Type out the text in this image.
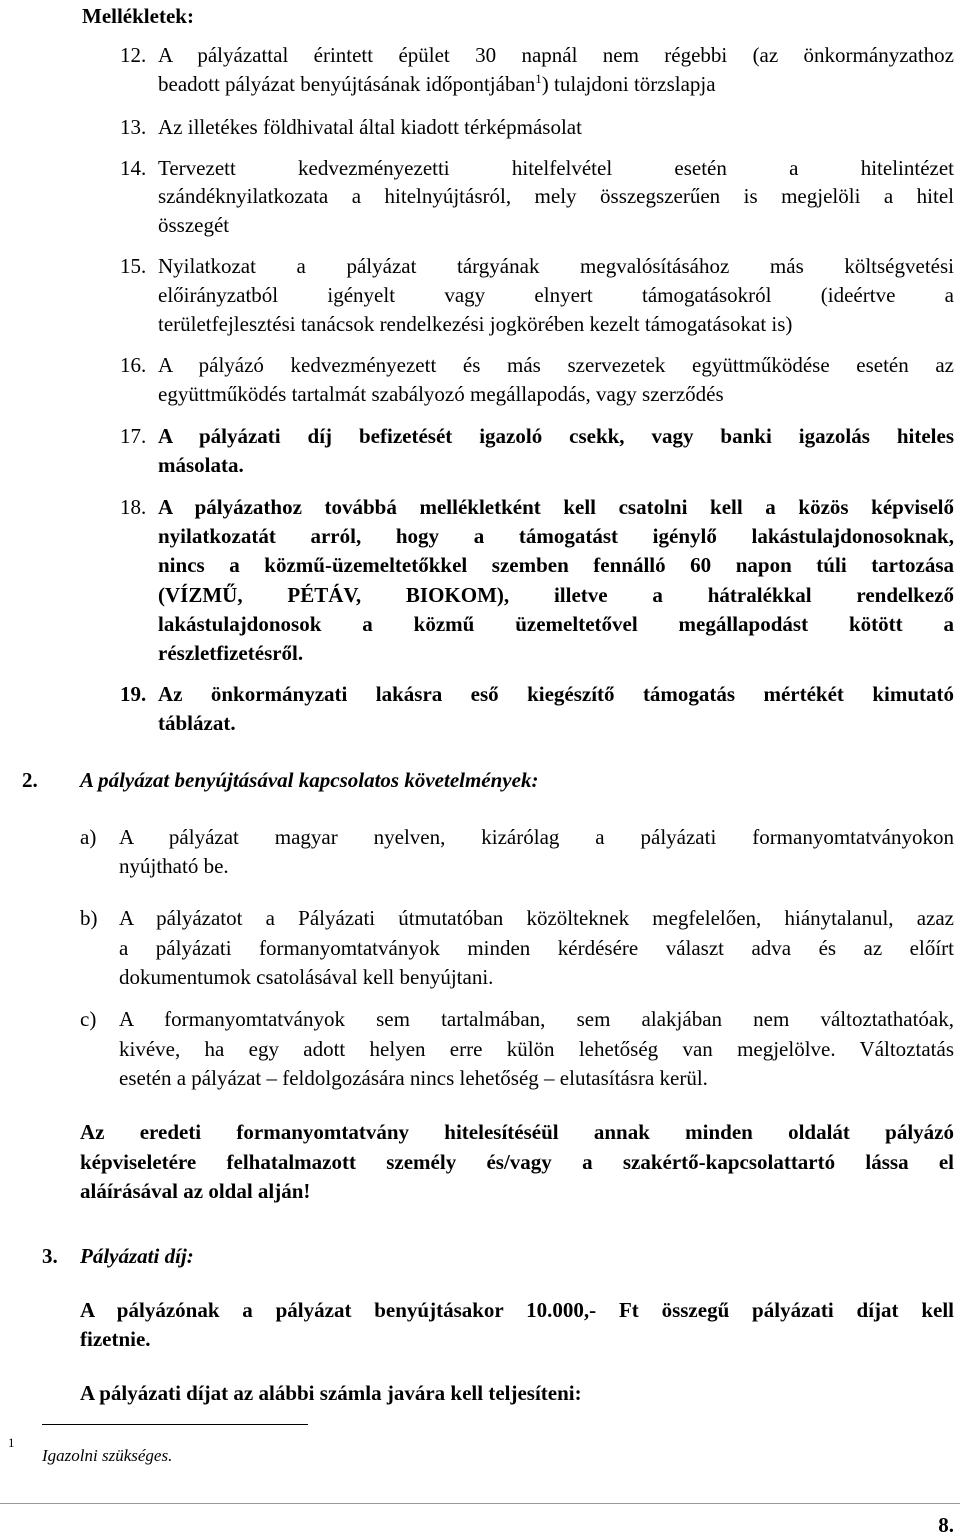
Mellékletek:
12. A pályázattal érintett épület 30 napnál nem régebbi (az önkormányzathoz
beadott pályázat benyújtásának időpontjában$^1$) tulajdoni törzslapja
13. Az illetékes földhivatal által kiadott térképmásolat
14. Tervezett kedvezményezetti hitelfelvétel esetén a hitelintézet
szándéknyilatkozata a hitelnyújtásról, mely összegszerűen is megjelöli a hitel
összegét
15. Nyilatkozat a pályázat tárgyának megvalósításához más költségvetési
előirányzatból igényelt vagy elnyert támogatásokról (ideértve a
területfejlesztési tanácsok rendelkezési jogkörében kezelt támogatásokat is)
16. A pályázó kedvezményezett és más szervezetek együttműködése esetén az
együttműködés tartalmát szabályozó megállapodás, vagy szerződés
17. A pályázati díj befizetését igazoló csekk, vagy banki igazolás hiteles
másolata.
18. A pályázathoz továbbá mellékletként kell csatolni kell a közös képviselő
nyilatkozatát arról, hogy a támogatást igénylő lakástulajdonosoknak,
nincs a közmű-üzemeltetőkkel szemben fennálló 60 napon túli tartozása
(VÍZMŰ, PÉTÁV, BIOKOM), illetve a hátralékkal rendelkező
lakástulajdonosok a közmű üzemeltetővel megállapodást kötött a
részletfizetésről.
19. Az önkormányzati lakásra eső kiegészítő támogatás mértékét kimutató
táblázat.
2. A pályázat benyújtásával kapcsolatos követelmények:
a) A pályázat magyar nyelven, kizárólag a pályázati formanyomtatványokon
nyújtható be.
b) A pályázatot a Pályázati útmutatóban közölteknek megfelelően, hiánytalanul, azaz
a pályázati formanyomtatványok minden kérdésére választ adva és az előírt
dokumentumok csatolásával kell benyújtani.
c) A formanyomtatványok sem tartalmában, sem alakjában nem változtathatóak,
kivéve, ha egy adott helyen erre külön lehetőség van megjelölve. Változtatás
esetén a pályázat – feldolgozására nincs lehetőség – elutasításra kerül.
Az eredeti formanyomtatvány hitelesítéséül annak minden oldalát pályázó
képviseletére felhatalmazott személy és/vagy a szakértő-kapcsolattartó lássa el
aláírásával az oldal alján!
3. Pályázati díj:
A pályázónak a pályázat benyújtásakor 10.000,- Ft összegű pályázati díjat kell
fizetnie.
A pályázati díjat az alábbi számla javára kell teljesíteni:
1
Igazolni szükséges.
8.
